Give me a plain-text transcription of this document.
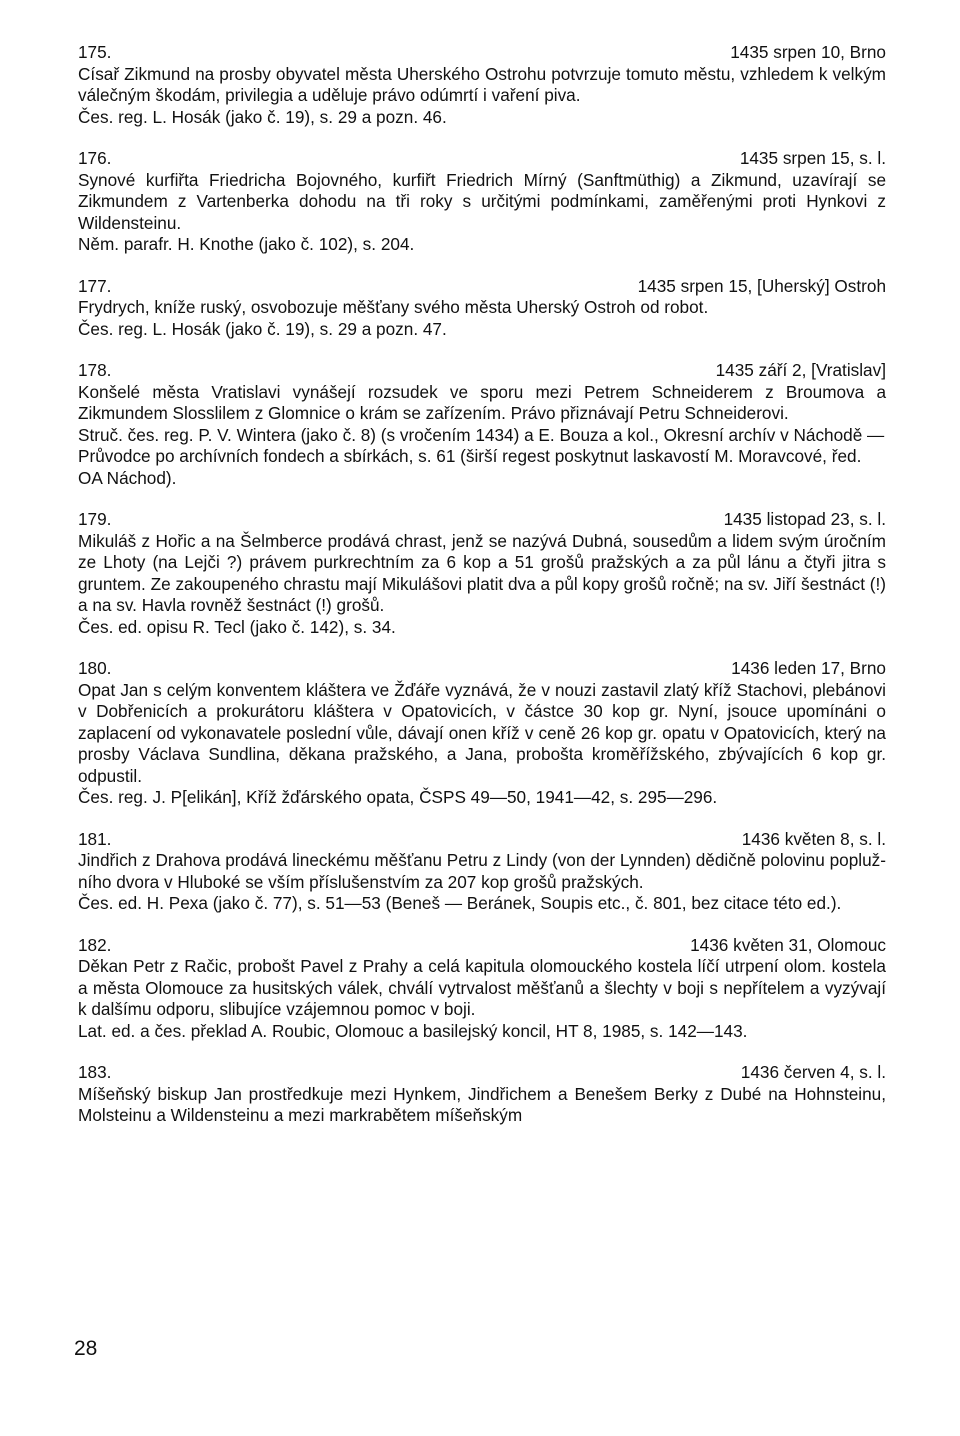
175.	1435 srpen 10, Brno
Císař Zikmund na prosby obyvatel města Uherského Ostrohu potvrzuje tomuto městu, vzhledem k velkým válečným škodám, privilegia a uděluje právo odúmrtí i vaření piva.
Čes. reg. L. Hosák (jako č. 19), s. 29 a pozn. 46.
176.	1435 srpen 15, s. l.
Synové kurfiřta Friedricha Bojovného, kurfiřt Friedrich Mírný (Sanftmüthig) a Zikmund, uzavírají se Zikmundem z Vartenberka dohodu na tři roky s určitými podmínkami, zaměřenými proti Hynkovi z Wildensteinu.
Něm. parafr. H. Knothe (jako č. 102), s. 204.
177.	1435 srpen 15, [Uherský] Ostroh
Frydrych, kníže ruský, osvobozuje měšťany svého města Uherský Ostroh od robot.
Čes. reg. L. Hosák (jako č. 19), s. 29 a pozn. 47.
178.	1435 září 2, [Vratislav]
Konšelé města Vratislavi vynášejí rozsudek ve sporu mezi Petrem Schneiderem z Broumova a Zikmundem Slosslilem z Glomnice o krám se zařízením. Právo přiznávají Petru Schneiderovi.
Struč. čes. reg. P. V. Wintera (jako č. 8) (s vročením 1434) a E. Bouza a kol., Okresní archív v Náchodě — Průvodce po archívních fondech a sbírkách, s. 61 (širší regest poskytnut laskavostí M. Moravcové, řed. OA Náchod).
179.	1435 listopad 23, s. l.
Mikuláš z Hořic a na Šelmberce prodává chrast, jenž se nazývá Dubná, sousedům a lidem svým úročním ze Lhoty (na Lejči ?) právem purkrechtním za 6 kop a 51 grošů pražských a za půl lánu a čtyři jitra s gruntem. Ze zakoupeného chrastu mají Mikulášovi platit dva a půl kopy grošů ročně; na sv. Jiří šestnáct (!) a na sv. Havla rovněž šestnáct (!) grošů.
Čes. ed. opisu R. Tecl (jako č. 142), s. 34.
180.	1436 leden 17, Brno
Opat Jan s celým konventem kláštera ve Žďáře vyznává, že v nouzi zastavil zlatý kříž Stachovi, plebánovi v Dobřenicích a prokurátoru kláštera v Opatovicích, v částce 30 kop gr. Nyní, jsouce upomínáni o zaplacení od vykonavatele poslední vůle, dávají onen kříž v ceně 26 kop gr. opatu v Opatovicích, který na prosby Václava Sundlina, děkana pražského, a Jana, probošta kroměřížského, zbývajících 6 kop gr. odpustil.
Čes. reg. J. P[elikán], Kříž žďárského opata, ČSPS 49—50, 1941—42, s. 295—296.
181.	1436 květen 8, s. l.
Jindřich z Drahova prodává lineckému měšťanu Petru z Lindy (von der Lynnden) dědičně polovinu poplužního dvora v Hluboké se vším příslušenstvím za 207 kop grošů pražských.
Čes. ed. H. Pexa (jako č. 77), s. 51—53 (Beneš — Beránek, Soupis etc., č. 801, bez citace této ed.).
182.	1436 květen 31, Olomouc
Děkan Petr z Račic, probošt Pavel z Prahy a celá kapitula olomouckého kostela líčí utrpení olom. kostela a města Olomouce za husitských válek, chválí vytrvalost měšťanů a šlechty v boji s nepřítelem a vyzývají k dalšímu odporu, slibujíce vzájemnou pomoc v boji.
Lat. ed. a čes. překlad A. Roubic, Olomouc a basilejský koncil, HT 8, 1985, s. 142—143.
183.	1436 červen 4, s. l.
Míšeňský biskup Jan prostředkuje mezi Hynkem, Jindřichem a Benešem Berky z Dubé na Hohnsteinu, Molsteinu a Wildensteinu a mezi markrabětem míšeňským
28
